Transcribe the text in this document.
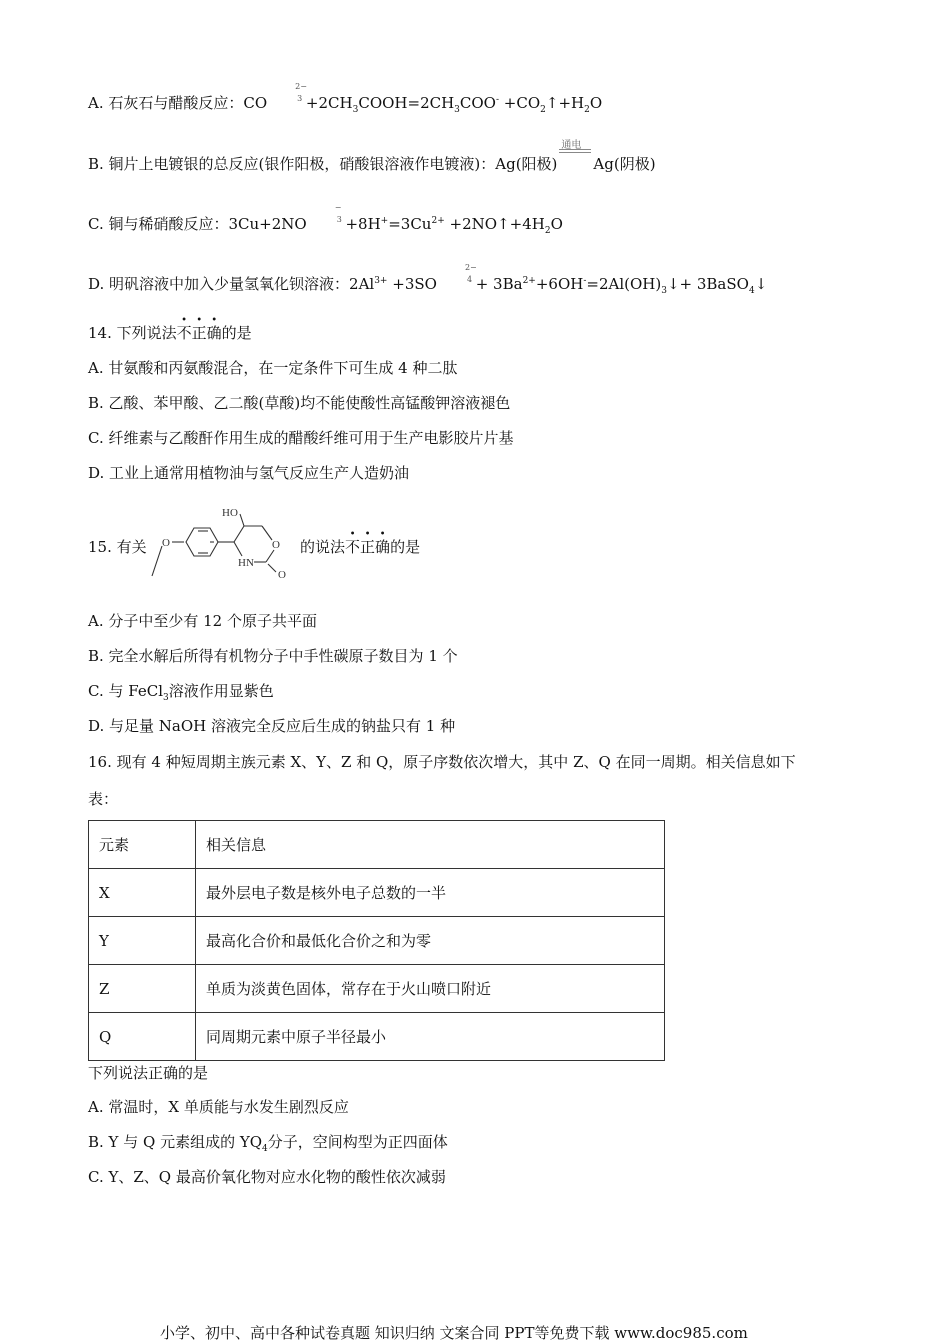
A. 石灰石与醋酸反应：CO
2−
3
$+2CH_3COOH=2CH_3COO^-$ $+CO_2↑+H_2O$
B. 铜片上电镀银的总反应(银作阳极，硝酸银溶液作电镀液)：Ag(阳极)
通电
Ag(阴极)
C. 铜与稀硝酸反应：3Cu+2NO
−
3
$+8H^+=3Cu^{2+}$ $+2NO↑+4H_2O$
D. 明矾溶液中加入少量氢氧化钡溶液：$2Al^{3+} +3SO$
2−
4
+ $3Ba^{2+}+6OH^-=2Al(OH)_3↓+$ 3BaSO$_4$↓
14. 下列说法不正确的是
A. 甘氨酸和丙氨酸混合，在一定条件下可生成 4 种二肽
B. 乙酸、苯甲酸、乙二酸(草酸)均不能使酸性高锰酸钾溶液褪色
C. 纤维素与乙酸酐作用生成的醋酸纤维可用于生产电影胶片片基
D. 工业上通常用植物油与氢气反应生产人造奶油
15. 有关 O
HO
O
HN
O
的说法不正确的是
A. 分子中至少有 12 个原子共平面
B. 完全水解后所得有机物分子中手性碳原子数目为 1 个
C. 与 FeCl$_3$溶液作用显紫色
D. 与足量 NaOH 溶液完全反应后生成的钠盐只有 1 种
16. 现有 4 种短周期主族元素 X、Y、Z 和 Q，原子序数依次增大，其中 Z、Q 在同一周期。相关信息如下
表：
元素	相关信息
X	最外层电子数是核外电子总数的一半
Y	最高化合价和最低化合价之和为零
Z	单质为淡黄色固体，常存在于火山喷口附近
Q	同周期元素中原子半径最小
下列说法正确的是
A. 常温时，X 单质能与水发生剧烈反应
B. Y 与 Q 元素组成的 $YQ_4$分子，空间构型为正四面体
C. Y、Z、Q 最高价氧化物对应水化物的酸性依次减弱
小学、初中、高中各种试卷真题 知识归纳 文案合同 PPT等免费下载 www.doc985.com
